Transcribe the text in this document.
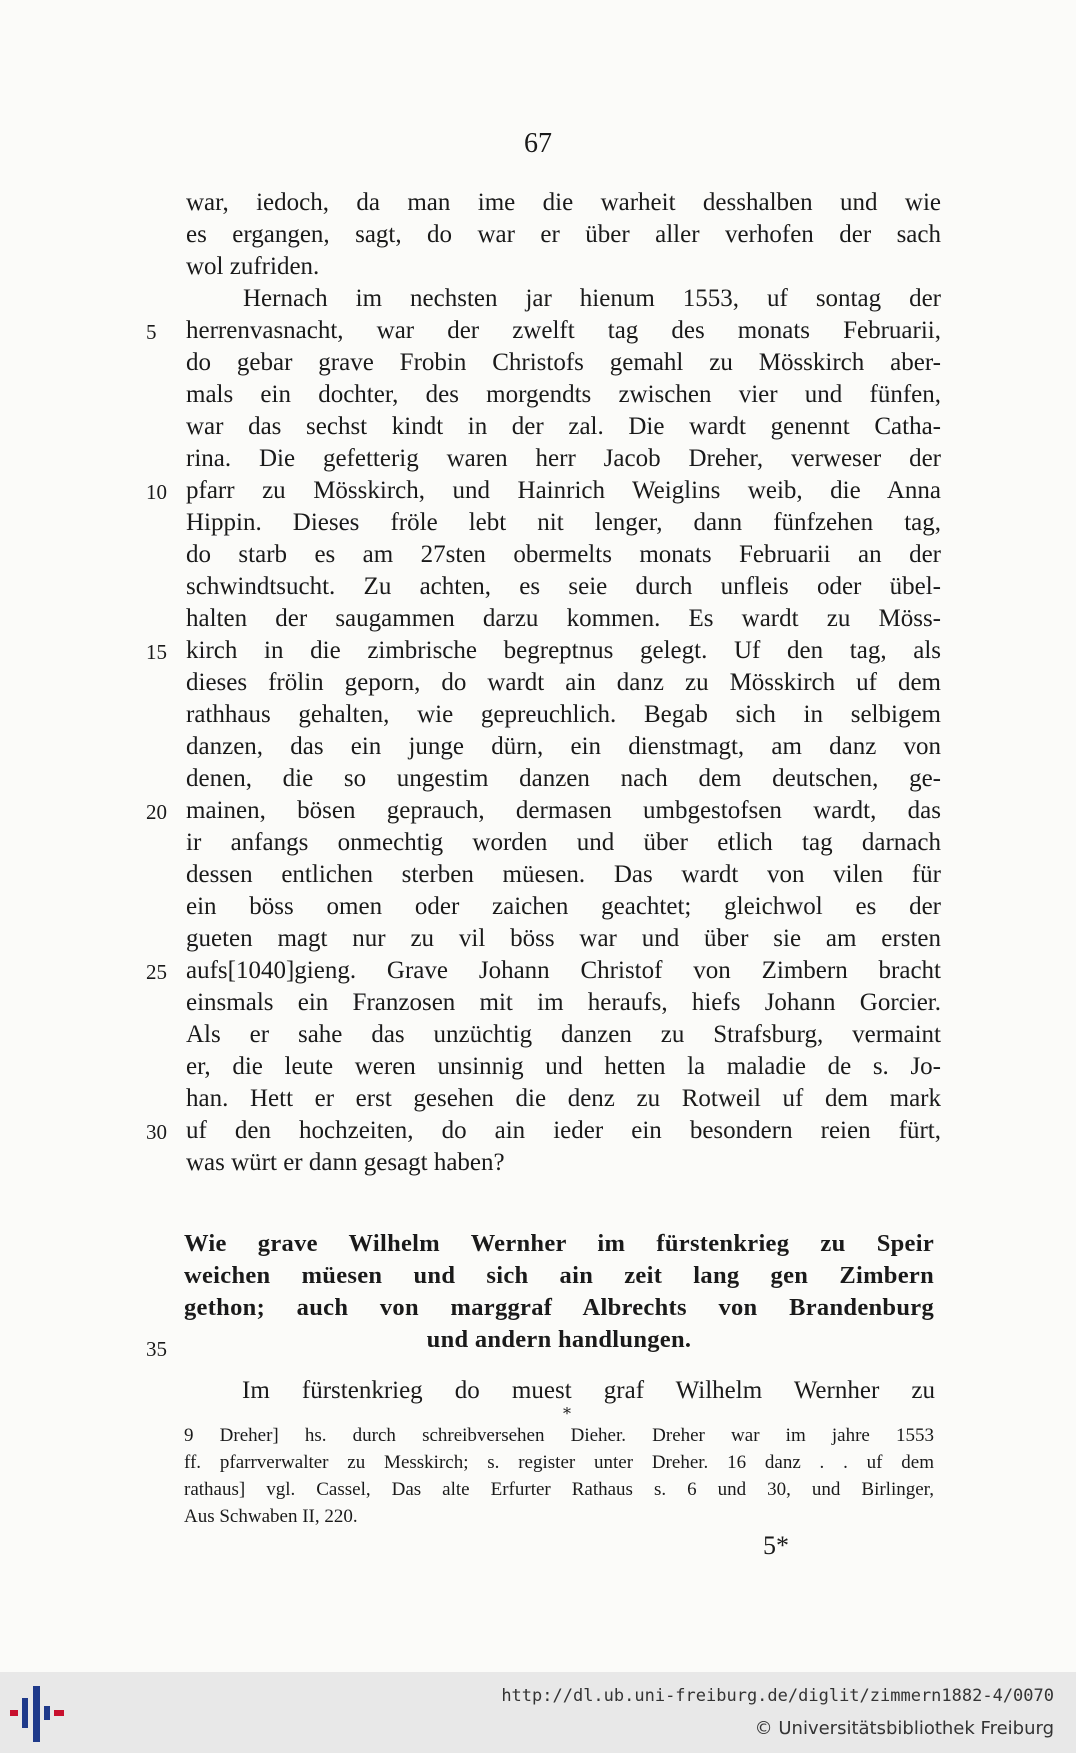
67
war, iedoch, da man ime die warheit desshalben und wie
es ergangen, sagt, do war er über aller verhofen der sach
wol zufriden.
Hernach im nechsten jar hienum 1553, uf sontag der
herrenvasnacht, war der zwelft tag des monats Februarii,
5
do gebar grave Frobin Christofs gemahl zu Mösskirch aber-
mals ein dochter, des morgendts zwischen vier und fünfen,
war das sechst kindt in der zal. Die wardt genennt Catha-
rina. Die gefetterig waren herr Jacob Dreher, verweser der
pfarr zu Mösskirch, und Hainrich Weiglins weib, die Anna
10
Hippin. Dieses fröle lebt nit lenger, dann fünfzehen tag,
do starb es am 27sten obermelts monats Februarii an der
schwindtsucht. Zu achten, es seie durch unfleis oder übel-
halten der saugammen darzu kommen. Es wardt zu Möss-
kirch in die zimbrische begreptnus gelegt. Uf den tag, als
15
dieses frölin geporn, do wardt ain danz zu Mösskirch uf dem
rathhaus gehalten, wie gepreuchlich. Begab sich in selbigem
danzen, das ein junge dürn, ein dienstmagt, am danz von
denen, die so ungestim danzen nach dem deutschen, ge-
mainen, bösen geprauch, dermasen umbgestofsen wardt, das
20
ir anfangs onmechtig worden und über etlich tag darnach
dessen entlichen sterben müesen. Das wardt von vilen für
ein böss omen oder zaichen geachtet; gleichwol es der
gueten magt nur zu vil böss war und über sie am ersten
aufs[1040]gieng. Grave Johann Christof von Zimbern bracht
25
einsmals ein Franzosen mit im heraufs, hiefs Johann Gorcier.
Als er sahe das unzüchtig danzen zu Strafsburg, vermaint
er, die leute weren unsinnig und hetten la maladie de s. Jo-
han. Hett er erst gesehen die denz zu Rotweil uf dem mark
uf den hochzeiten, do ain ieder ein besondern reien fürt,
30
was würt er dann gesagt haben?
Wie grave Wilhelm Wernher im fürstenkrieg zu Speir
weichen müesen und sich ain zeit lang gen Zimbern
gethon; auch von marggraf Albrechts von Brandenburg
und andern handlungen.
35
Im fürstenkrieg do muest graf Wilhelm Wernher zu
*
9 Dreher] hs. durch schreibversehen Dieher. Dreher war im jahre 1553
ff. pfarrverwalter zu Messkirch; s. register unter Dreher. 16 danz . . uf dem
rathaus] vgl. Cassel, Das alte Erfurter Rathaus s. 6 und 30, und Birlinger,
Aus Schwaben II, 220.
5*
http://dl.ub.uni-freiburg.de/diglit/zimmern1882-4/0070
© Universitätsbibliothek Freiburg
